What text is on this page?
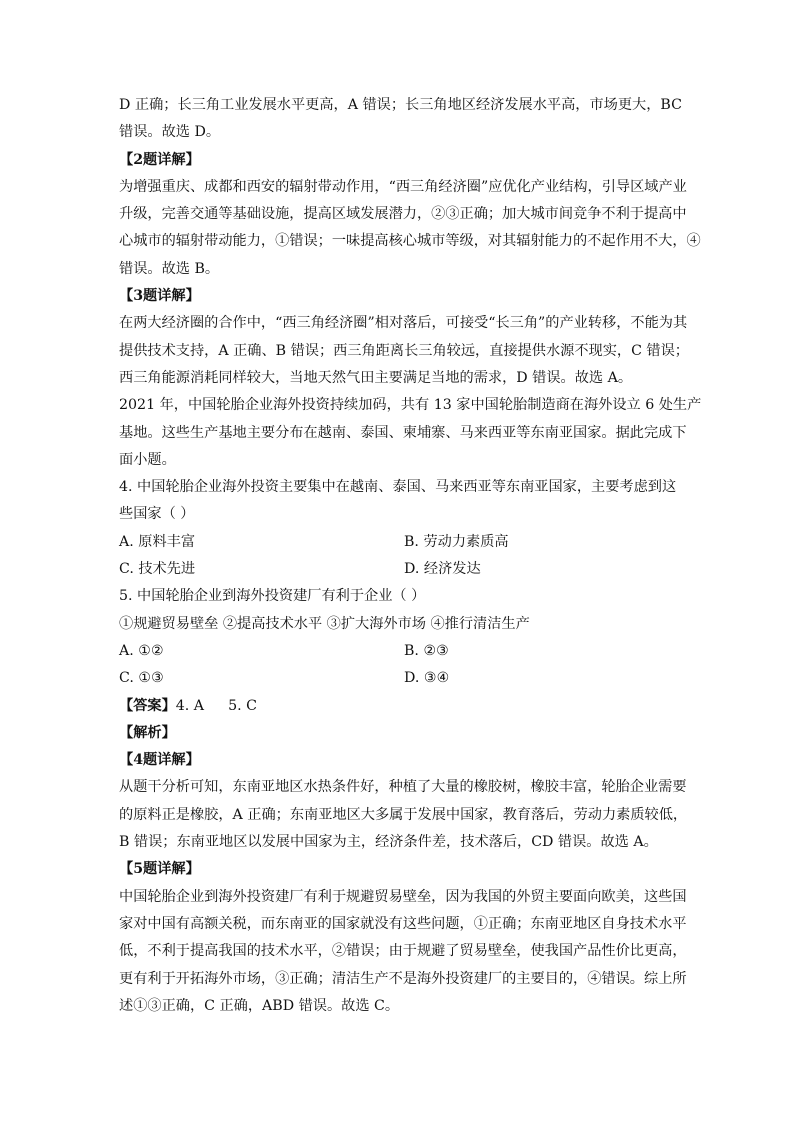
D 正确；长三角工业发展水平更高，A 错误；长三角地区经济发展水平高，市场更大，BC
错误。故选 D。
【2题详解】
为增强重庆、成都和西安的辐射带动作用，“西三角经济圈”应优化产业结构，引导区域产业
升级，完善交通等基础设施，提高区域发展潜力，②③正确；加大城市间竞争不利于提高中
心城市的辐射带动能力，①错误；一味提高核心城市等级，对其辐射能力的不起作用不大，④
错误。故选 B。
【3题详解】
在两大经济圈的合作中，“西三角经济圈”相对落后，可接受“长三角”的产业转移，不能为其
提供技术支持，A 正确、B 错误；西三角距离长三角较远，直接提供水源不现实，C 错误；
西三角能源消耗同样较大，当地天然气田主要满足当地的需求，D 错误。故选 A。
2021 年，中国轮胎企业海外投资持续加码，共有 13 家中国轮胎制造商在海外设立 6 处生产
基地。这些生产基地主要分布在越南、泰国、柬埔寨、马来西亚等东南亚国家。据此完成下
面小题。
4. 中国轮胎企业海外投资主要集中在越南、泰国、马来西亚等东南亚国家，主要考虑到这
些国家（ ）
A. 原料丰富	B. 劳动力素质高
C. 技术先进	D. 经济发达
5. 中国轮胎企业到海外投资建厂有利于企业（ ）
①规避贸易壁垒 ②提高技术水平 ③扩大海外市场 ④推行清洁生产
A. ①②	B. ②③
C. ①③	D. ③④
【答案】4. A 5. C
【解析】
【4题详解】
从题干分析可知，东南亚地区水热条件好，种植了大量的橡胶树，橡胶丰富，轮胎企业需要
的原料正是橡胶，A 正确；东南亚地区大多属于发展中国家，教育落后，劳动力素质较低，
B 错误；东南亚地区以发展中国家为主，经济条件差，技术落后，CD 错误。故选 A。
【5题详解】
中国轮胎企业到海外投资建厂有利于规避贸易壁垒，因为我国的外贸主要面向欧美，这些国
家对中国有高额关税，而东南亚的国家就没有这些问题，①正确；东南亚地区自身技术水平
低，不利于提高我国的技术水平，②错误；由于规避了贸易壁垒，使我国产品性价比更高，
更有利于开拓海外市场，③正确；清洁生产不是海外投资建厂的主要目的，④错误。综上所
述①③正确，C 正确，ABD 错误。故选 C。
